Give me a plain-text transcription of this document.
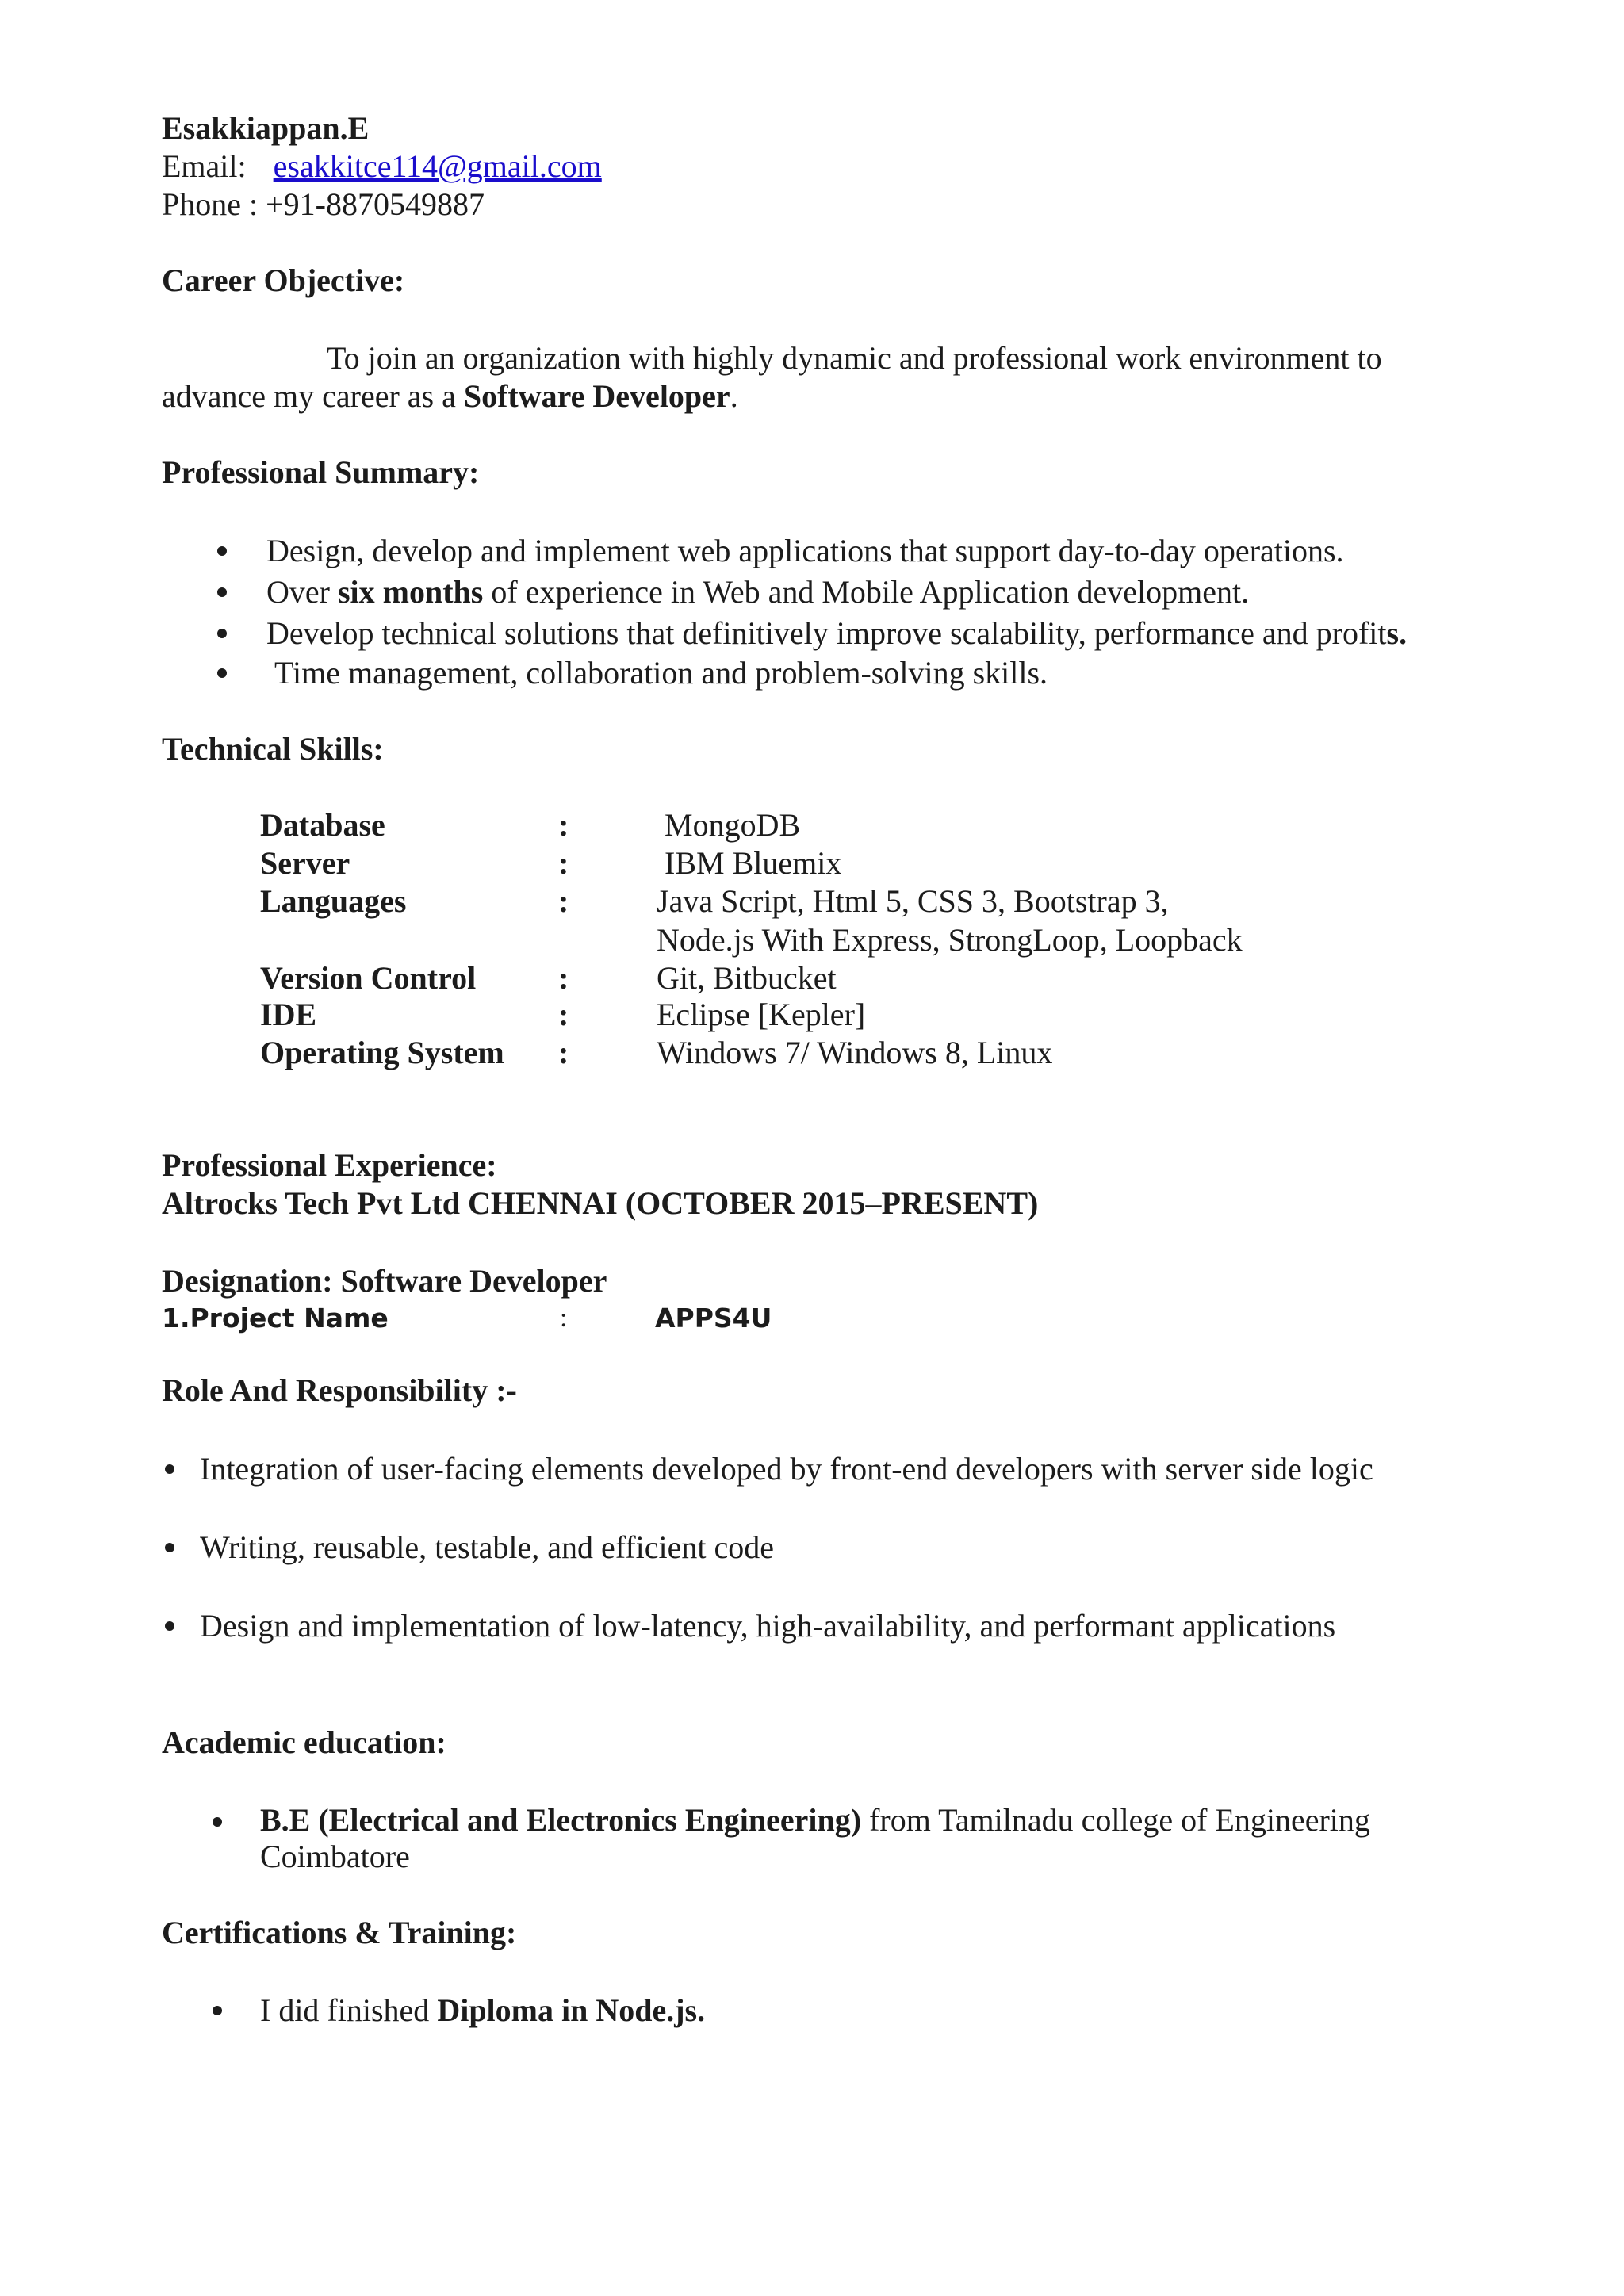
Esakkiappan.E
Email: esakkitce114@gmail.com
Phone : +91-8870549887
Career Objective:
To join an organization with highly dynamic and professional work environment to
advance my career as a Software Developer.
Professional Summary:
Design, develop and implement web applications that support day-to-day operations.
Over six months of experience in Web and Mobile Application development.
Develop technical solutions that definitively improve scalability, performance and profits.
Time management, collaboration and problem-solving skills.
Technical Skills:
Database	:	MongoDB
Server	:	IBM Bluemix
Languages	:	Java Script, Html 5, CSS 3, Bootstrap 3,
Node.js With Express, StrongLoop, Loopback
Version Control	:	Git, Bitbucket
IDE	:	Eclipse [Kepler]
Operating System :	Windows 7/ Windows 8, Linux
Professional Experience:
Altrocks Tech Pvt Ltd CHENNAI (OCTOBER 2015–PRESENT)
Designation: Software Developer
1.Project Name	:	APPS4U
Role And Responsibility :-
Integration of user-facing elements developed by front-end developers with server side logic
Writing, reusable, testable, and efficient code
Design and implementation of low-latency, high-availability, and performant applications
Academic education:
B.E (Electrical and Electronics Engineering) from Tamilnadu college of Engineering
Coimbatore
Certifications & Training:
I did finished Diploma in Node.js.
